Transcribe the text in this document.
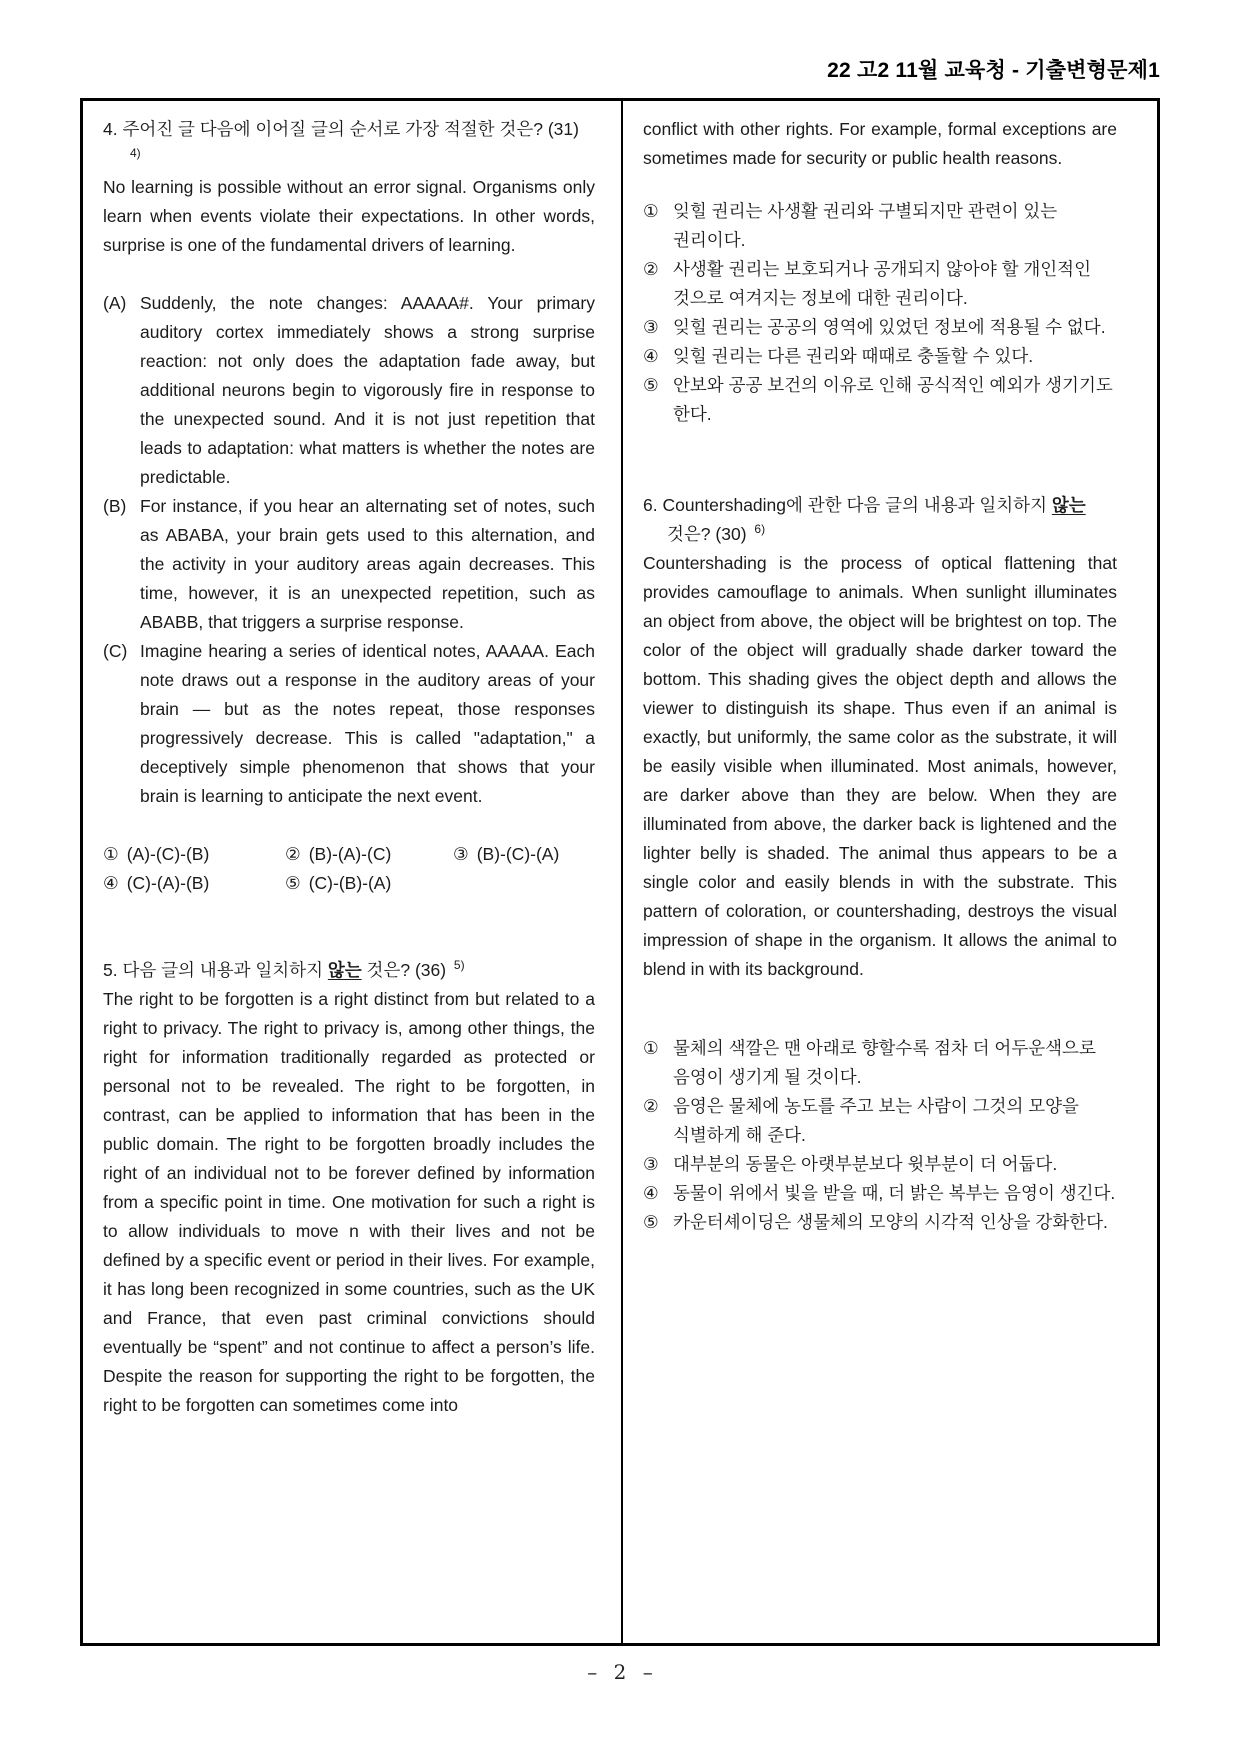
22 고2 11월 교육청 - 기출변형문제1

4. 주어진 글 다음에 이어질 글의 순서로 가장 적절한 것은? (31) $^{4)}$

No learning is possible without an error signal. Organisms only learn when events violate their expectations. In other words, surprise is one of the fundamental drivers of learning.

(A) Suddenly, the note changes: AAAAA#. Your primary auditory cortex immediately shows a strong surprise reaction: not only does the adaptation fade away, but additional neurons begin to vigorously fire in response to the unexpected sound. And it is not just repetition that leads to adaptation: what matters is whether the notes are predictable.
(B) For instance, if you hear an alternating set of notes, such as ABABA, your brain gets used to this alternation, and the activity in your auditory areas again decreases. This time, however, it is an unexpected repetition, such as ABABB, that triggers a surprise response.
(C) Imagine hearing a series of identical notes, AAAAA. Each note draws out a response in the auditory areas of your brain — but as the notes repeat, those responses progressively decrease. This is called "adaptation," a deceptively simple phenomenon that shows that your brain is learning to anticipate the next event.
① (A)-(C)-(B)	② (B)-(A)-(C)	③ (B)-(C)-(A)
④ (C)-(A)-(B)	⑤ (C)-(B)-(A)

5. 다음 글의 내용과 일치하지 않는 것은? (36) $^{5)}$

The right to be forgotten is a right distinct from but related to a right to privacy. The right to privacy is, among other things, the right for information traditionally regarded as protected or personal not to be revealed. The right to be forgotten, in contrast, can be applied to information that has been in the public domain. The right to be forgotten broadly includes the right of an individual not to be forever defined by information from a specific point in time. One motivation for such a right is to allow individuals to move n with their lives and not be defined by a specific event or period in their lives. For example, it has long been recognized in some countries, such as the UK and France, that even past criminal convictions should eventually be “spent” and not continue to affect a person’s life. Despite the reason for supporting the right to be forgotten, the right to be forgotten can sometimes come into

conflict with other rights. For example, formal exceptions are sometimes made for security or public health reasons.

① 잊힐 권리는 사생활 권리와 구별되지만 관련이 있는 권리이다.
② 사생활 권리는 보호되거나 공개되지 않아야 할 개인적인 것으로 여겨지는 정보에 대한 권리이다.
③ 잊힐 권리는 공공의 영역에 있었던 정보에 적용될 수 없다.
④ 잊힐 권리는 다른 권리와 때때로 충돌할 수 있다.
⑤ 안보와 공공 보건의 이유로 인해 공식적인 예외가 생기기도 한다.

6. Countershading에 관한 다음 글의 내용과 일치하지 않는 것은? (30) $^{6)}$

Countershading is the process of optical flattening that provides camouflage to animals. When sunlight illuminates an object from above, the object will be brightest on top. The color of the object will gradually shade darker toward the bottom. This shading gives the object depth and allows the viewer to distinguish its shape. Thus even if an animal is exactly, but uniformly, the same color as the substrate, it will be easily visible when illuminated. Most animals, however, are darker above than they are below. When they are illuminated from above, the darker back is lightened and the lighter belly is shaded. The animal thus appears to be a single color and easily blends in with the substrate. This pattern of coloration, or countershading, destroys the visual impression of shape in the organism. It allows the animal to blend in with its background.

① 물체의 색깔은 맨 아래로 향할수록 점차 더 어두운색으로 음영이 생기게 될 것이다.
② 음영은 물체에 농도를 주고 보는 사람이 그것의 모양을 식별하게 해 준다.
③ 대부분의 동물은 아랫부분보다 윗부분이 더 어둡다.
④ 동물이 위에서 빛을 받을 때, 더 밝은 복부는 음영이 생긴다.
⑤ 카운터셰이딩은 생물체의 모양의 시각적 인상을 강화한다.
– 2 –
